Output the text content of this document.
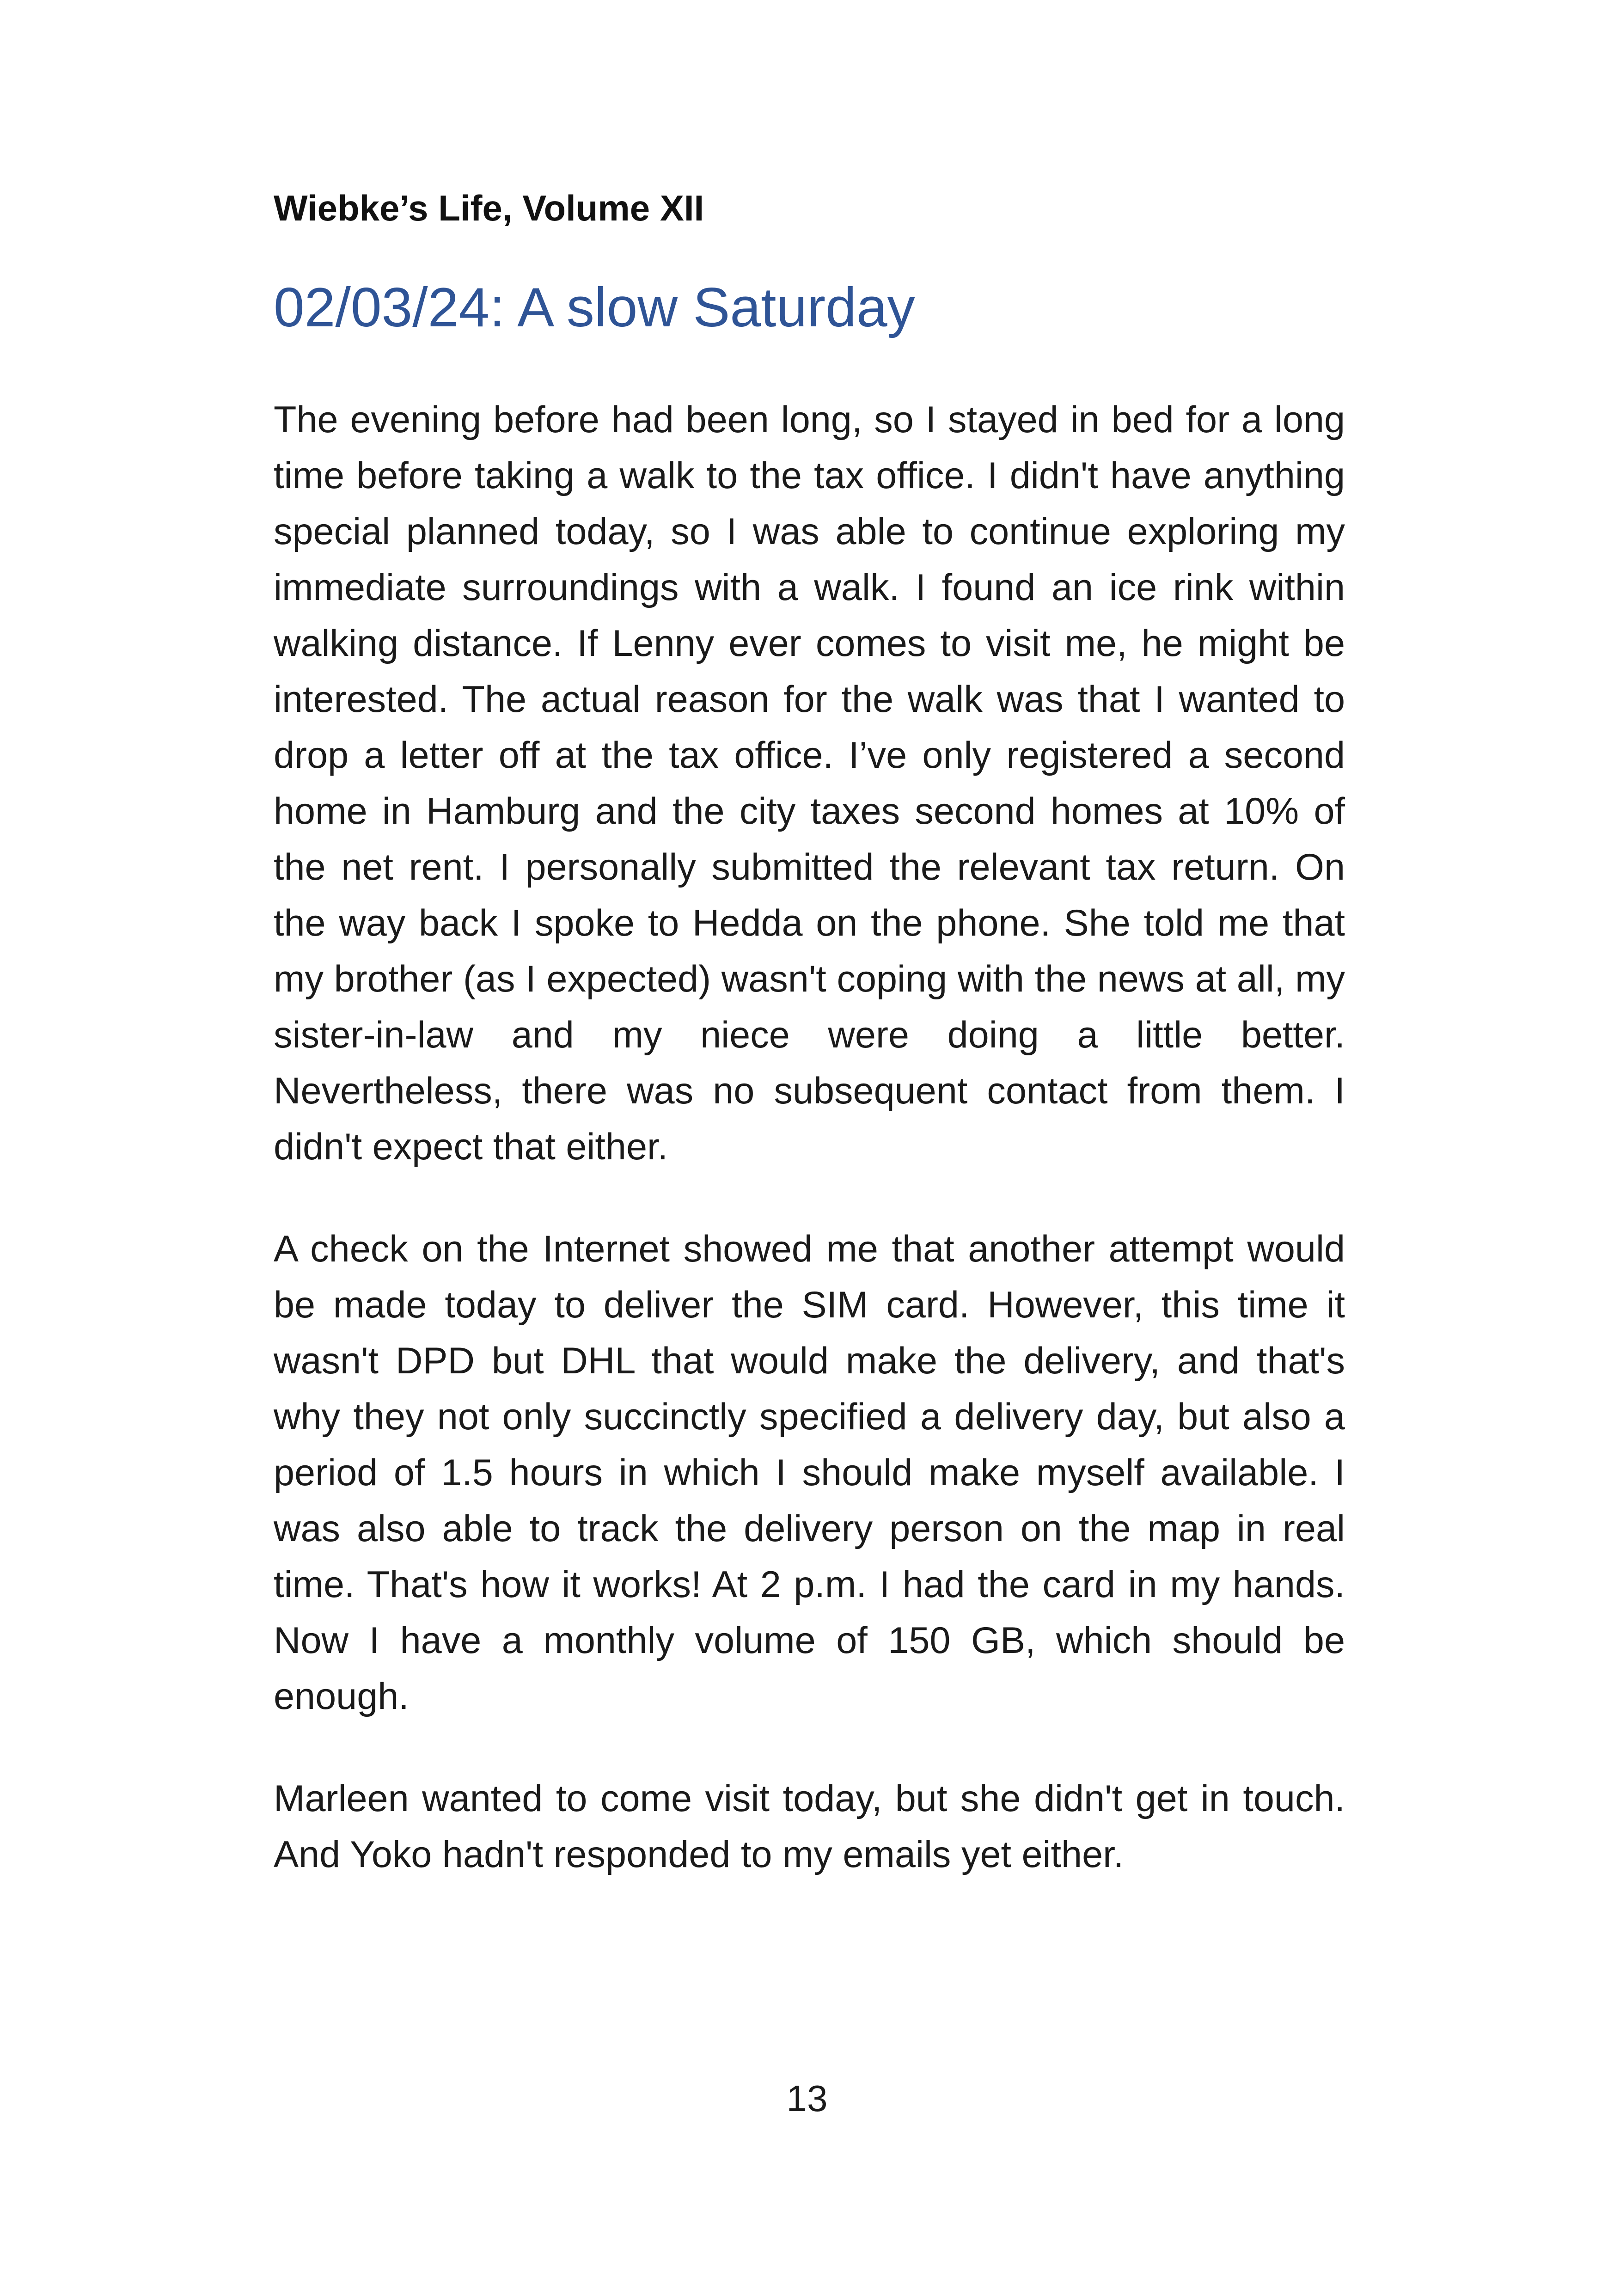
Wiebke’s Life, Volume XII

02/03/24: A slow Saturday

The evening before had been long, so I stayed in bed for a long time before taking a walk to the tax office. I didn't have anything special planned today, so I was able to continue exploring my immediate surroundings with a walk. I found an ice rink within walking distance. If Lenny ever comes to visit me, he might be interested. The actual reason for the walk was that I wanted to drop a letter off at the tax office. I’ve only registered a second home in Hamburg and the city taxes second homes at 10% of the net rent. I personally submitted the relevant tax return. On the way back I spoke to Hedda on the phone. She told me that my brother (as I expected) wasn't coping with the news at all, my sister-in-law and my niece were doing a little better. Nevertheless, there was no subsequent contact from them. I didn't expect that either.

A check on the Internet showed me that another attempt would be made today to deliver the SIM card. However, this time it wasn't DPD but DHL that would make the delivery, and that's why they not only succinctly specified a delivery day, but also a period of 1.5 hours in which I should make myself available. I was also able to track the delivery person on the map in real time. That's how it works! At 2 p.m. I had the card in my hands. Now I have a monthly volume of 150 GB, which should be enough.

Marleen wanted to come visit today, but she didn't get in touch. And Yoko hadn't responded to my emails yet either.

13
